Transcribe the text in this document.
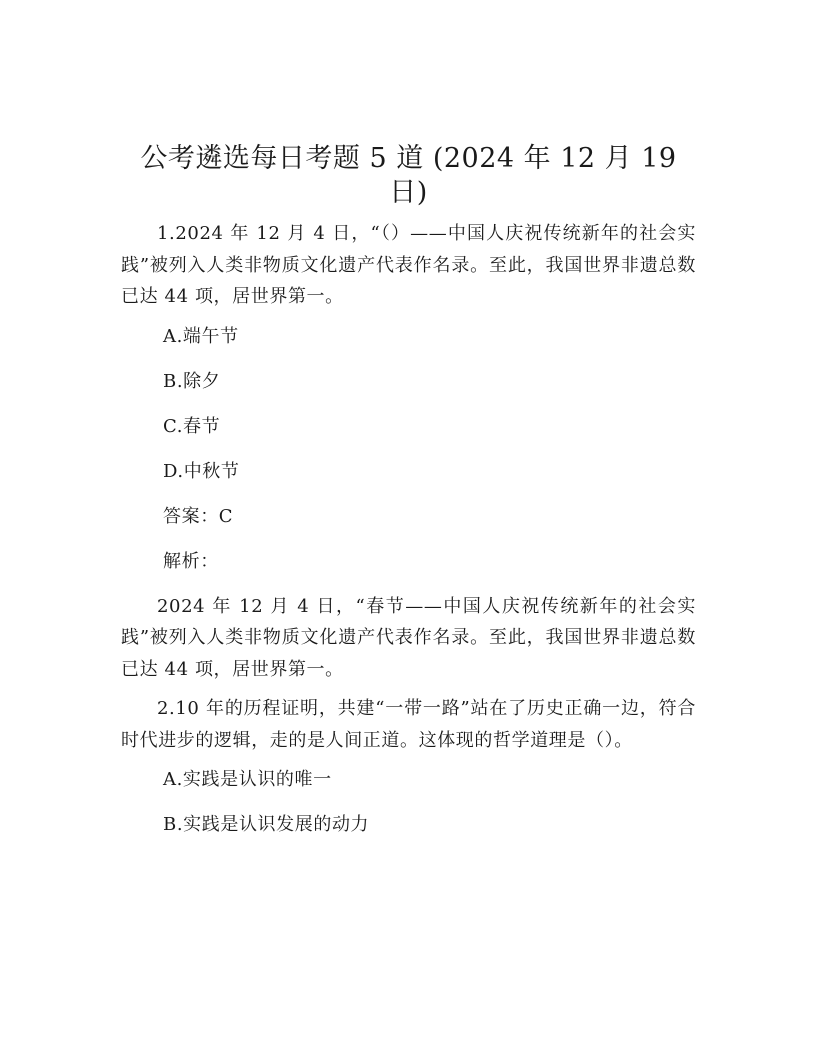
公考遴选每日考题 5 道 (2024 年 12 月 19 日)

1.2024 年 12 月 4 日，“（）——中国人庆祝传统新年的社会实践”被列入人类非物质文化遗产代表作名录。至此，我国世界非遗总数已达 44 项，居世界第一。

A.端午节
B.除夕
C.春节
D.中秋节
答案：C
解析：

2024 年 12 月 4 日，“春节——中国人庆祝传统新年的社会实践”被列入人类非物质文化遗产代表作名录。至此，我国世界非遗总数已达 44 项，居世界第一。

2.10 年的历程证明，共建“一带一路”站在了历史正确一边，符合时代进步的逻辑，走的是人间正道。这体现的哲学道理是（）。

A.实践是认识的唯一
B.实践是认识发展的动力
